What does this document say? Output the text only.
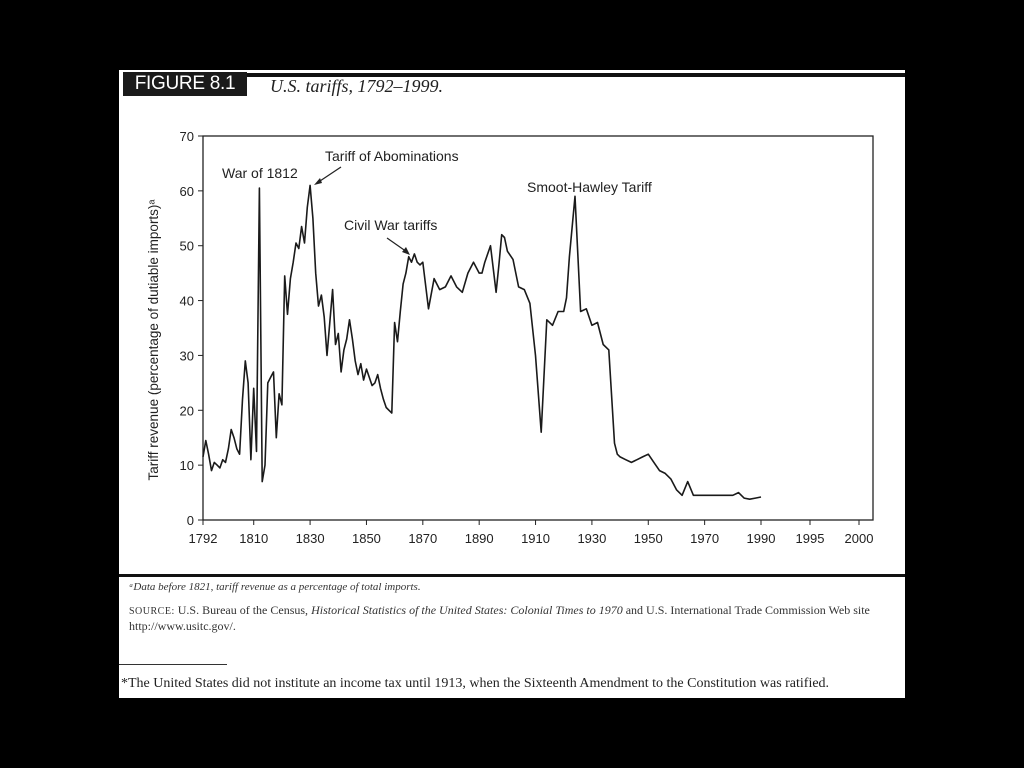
FIGURE 8.1	U.S. tariffs, 1792–1999.
0
10
20
30
40
50
60
70
1792 1810 1830 1850 1870 1890 1910 1930 1950 1970 1990 1995 2000
Tariff revenue (percentage of dutiable imports)ᵃ
War of 1812
Tariff of Abominations
Civil War tariffs
Smoot-Hawley Tariff
ᵃData before 1821, tariff revenue as a percentage of total imports.
SOURCE: U.S. Bureau of the Census, Historical Statistics of the United States: Colonial Times to 1970 and U.S. International Trade Commission Web site http://www.usitc.gov/.
*The United States did not institute an income tax until 1913, when the Sixteenth Amendment to the Constitution was ratified.
